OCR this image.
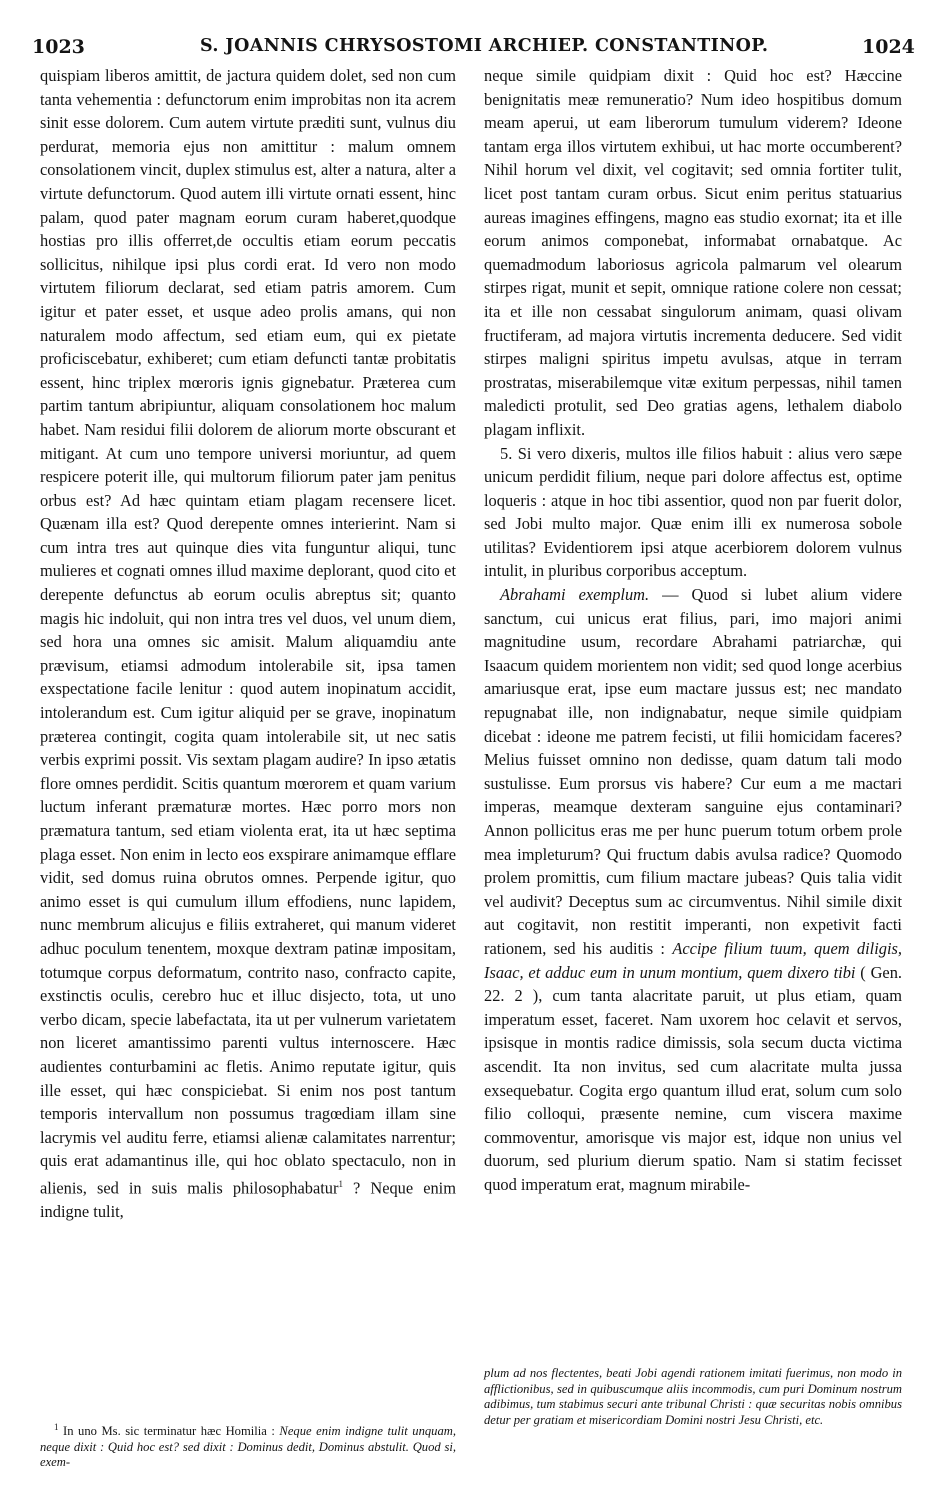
1023	S. JOANNIS CHRYSOSTOMI ARCHIEP. CONSTANTINOP.	1024

quispiam liberos amittit, de jactura quidem dolet, sed non cum tanta vehementia : defunctorum enim improbitas non ita acrem sinit esse dolorem. Cum autem virtute præditi sunt, vulnus diu perdurat, memoria ejus non amittitur : malum omnem consolationem vincit, duplex stimulus est, alter a natura, alter a virtute defunctorum. Quod autem illi virtute ornati essent, hinc palam, quod pater magnam eorum curam haberet,quodque hostias pro illis offerret,de occultis etiam eorum peccatis sollicitus, nihilque ipsi plus cordi erat. Id vero non modo virtutem filiorum declarat, sed etiam patris amorem. Cum igitur et pater esset, et usque adeo prolis amans, qui non naturalem modo affectum, sed etiam eum, qui ex pietate proficiscebatur, exhiberet; cum etiam defuncti tantæ probitatis essent, hinc triplex mœroris ignis gignebatur. Præterea cum partim tantum abripiuntur, aliquam consolationem hoc malum habet. Nam residui filii dolorem de aliorum morte obscurant et mitigant. At cum uno tempore universi moriuntur, ad quem respicere poterit ille, qui multorum filiorum pater jam penitus orbus est? Ad hæc quintam etiam plagam recensere licet. Quænam illa est? Quod derepente omnes interierint. Nam si cum intra tres aut quinque dies vita funguntur aliqui, tunc mulieres et cognati omnes illud maxime deplorant, quod cito et derepente defunctus ab eorum oculis abreptus sit; quanto magis hic indoluit, qui non intra tres vel duos, vel unum diem, sed hora una omnes sic amisit. Malum aliquamdiu ante prævisum, etiamsi admodum intolerabile sit, ipsa tamen exspectatione facile lenitur : quod autem inopinatum accidit, intolerandum est. Cum igitur aliquid per se grave, inopinatum præterea contingit, cogita quam intolerabile sit, ut nec satis verbis exprimi possit. Vis sextam plagam audire? In ipso ætatis flore omnes perdidit. Scitis quantum mœrorem et quam varium luctum inferant præmaturæ mortes. Hæc porro mors non præmatura tantum, sed etiam violenta erat, ita ut hæc septima plaga esset. Non enim in lecto eos exspirare animamque efflare vidit, sed domus ruina obrutos omnes. Perpende igitur, quo animo esset is qui cumulum illum effodiens, nunc lapidem, nunc membrum alicujus e filiis extraheret, qui manum videret adhuc poculum tenentem, moxque dextram patinæ impositam, totumque corpus deformatum, contrito naso, confracto capite, exstinctis oculis, cerebro huc et illuc disjecto, tota, ut uno verbo dicam, specie labefactata, ita ut per vulnerum varietatem non liceret amantissimo parenti vultus internoscere. Hæc audientes conturbamini ac fletis. Animo reputate igitur, quis ille esset, qui hæc conspiciebat. Si enim nos post tantum temporis intervallum non possumus tragœdiam illam sine lacrymis vel auditu ferre, etiamsi alienæ calamitates narrentur; quis erat adamantinus ille, qui hoc oblato spectaculo, non in alienis, sed in suis malis philosophabatur$^1$ ? Neque enim indigne tulit,

neque simile quidpiam dixit : Quid hoc est? Hæccine benignitatis meæ remuneratio? Num ideo hospitibus domum meam aperui, ut eam liberorum tumulum viderem? Ideone tantam erga illos virtutem exhibui, ut hac morte occumberent? Nihil horum vel dixit, vel cogitavit; sed omnia fortiter tulit, licet post tantam curam orbus. Sicut enim peritus statuarius aureas imagines effingens, magno eas studio exornat; ita et ille eorum animos componebat, informabat ornabatque. Ac quemadmodum laboriosus agricola palmarum vel olearum stirpes rigat, munit et sepit, omnique ratione colere non cessat; ita et ille non cessabat singulorum animam, quasi olivam fructiferam, ad majora virtutis incrementa deducere. Sed vidit stirpes maligni spiritus impetu avulsas, atque in terram prostratas, miserabilemque vitæ exitum perpessas, nihil tamen maledicti protulit, sed Deo gratias agens, lethalem diabolo plagam inflixit.

5. Si vero dixeris, multos ille filios habuit : alius vero sæpe unicum perdidit filium, neque pari dolore affectus est, optime loqueris : atque in hoc tibi assentior, quod non par fuerit dolor, sed Jobi multo major. Quæ enim illi ex numerosa sobole utilitas? Evidentiorem ipsi atque acerbiorem dolorem vulnus intulit, in pluribus corporibus acceptum.

Abrahami exemplum. — Quod si lubet alium videre sanctum, cui unicus erat filius, pari, imo majori animi magnitudine usum, recordare Abrahami patriarchæ, qui Isaacum quidem morientem non vidit; sed quod longe acerbius amariusque erat, ipse eum mactare jussus est; nec mandato repugnabat ille, non indignabatur, neque simile quidpiam dicebat : ideone me patrem fecisti, ut filii homicidam faceres? Melius fuisset omnino non dedisse, quam datum tali modo sustulisse. Eum prorsus vis habere? Cur eum a me mactari imperas, meamque dexteram sanguine ejus contaminari? Annon pollicitus eras me per hunc puerum totum orbem prole mea impleturum? Qui fructum dabis avulsa radice? Quomodo prolem promittis, cum filium mactare jubeas? Quis talia vidit vel audivit? Deceptus sum ac circumventus. Nihil simile dixit aut cogitavit, non restitit imperanti, non expetivit facti rationem, sed his auditis : Accipe filium tuum, quem diligis, Isaac, et adduc eum in unum montium, quem dixero tibi ( Gen. 22. 2 ), cum tanta alacritate paruit, ut plus etiam, quam imperatum esset, faceret. Nam uxorem hoc celavit et servos, ipsisque in montis radice dimissis, sola secum ducta victima ascendit. Ita non invitus, sed cum alacritate multa jussa exsequebatur. Cogita ergo quantum illud erat, solum cum solo filio colloqui, præsente nemine, cum viscera maxime commoventur, amorisque vis major est, idque non unius vel duorum, sed plurium dierum spatio. Nam si statim fecisset quod imperatum erat, magnum mirabile-

plum ad nos flectentes, beati Jobi agendi rationem imitati fuerimus, non modo in afflictionibus, sed in quibuscumque aliis incommodis, cum puri Dominum nostrum adibimus, tum stabimus securi ante tribunal Christi : quæ securitas nobis omnibus detur per gratiam et misericordiam Domini nostri Jesu Christi, etc.
$^1$ In uno Ms. sic terminatur hæc Homilia : Neque enim indigne tulit unquam, neque dixit : Quid hoc est? sed dixit : Dominus dedit, Dominus abstulit. Quod si, exem-
